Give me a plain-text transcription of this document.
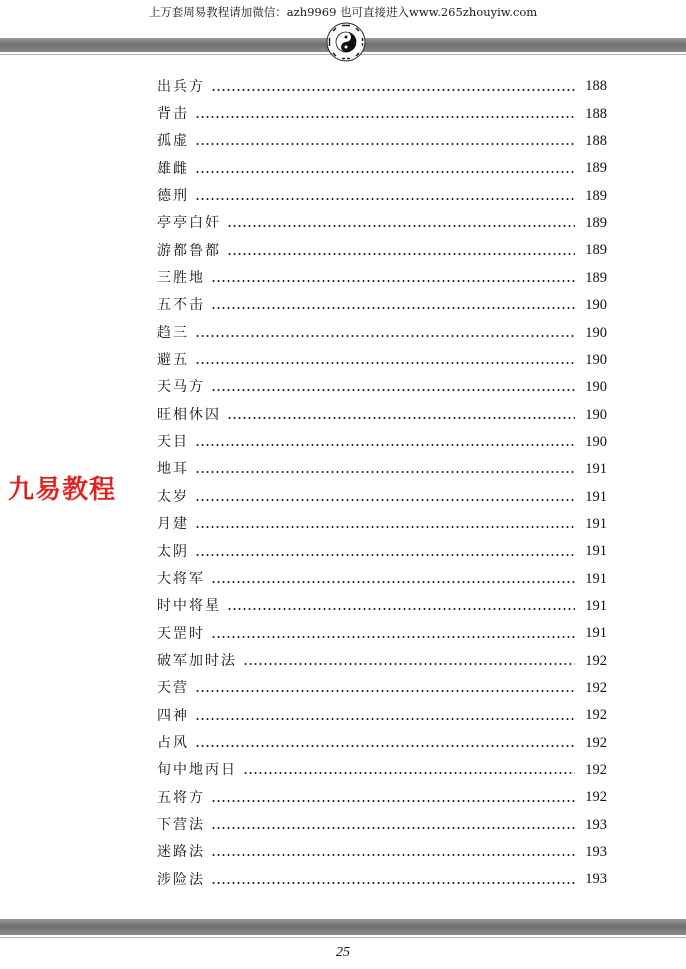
上万套周易教程请加微信：azh9969 也可直接进入www.265zhouyiw.com
出兵方	188
背击	188
孤虚	188
雄雌	189
德刑	189
亭亭白奸	189
游都鲁都	189
三胜地	189
五不击	190
趋三	190
避五	190
天马方	190
旺相休囚	190
天目	190
地耳	191
太岁	191
月建	191
太阴	191
大将军	191
时中将星	191
天罡时	191
破军加时法	192
天营	192
四神	192
占风	192
旬中地丙日	192
五将方	192
下营法	193
迷路法	193
涉险法	193
九易教程
25
